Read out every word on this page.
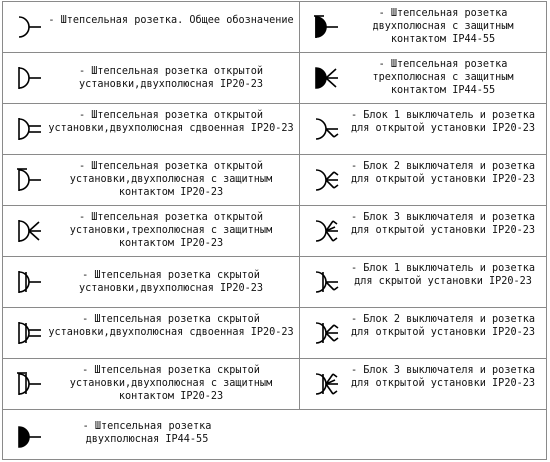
- Штепсельная розетка. Общее обозначение
- Штепсельная розетка открытой установки,двухполюсная IP20-23
- Штепсельная розетка открытой установки,двухполюсная сдвоенная IP20-23
- Штепсельная розетка открытой установки,двухполюсная с защитным контактом IP20-23
- Штепсельная розетка открытой установки,трехполюсная с защитным контактом IP20-23
- Штепсельная розетка скрытой установки,двухполюсная IP20-23
- Штепсельная розетка скрытой установки,двухполюсная сдвоенная IP20-23
- Штепсельная розетка скрытой установки,двухполюсная с защитным контактом IP20-23
- Штепсельная розетка двухполюсная с защитным контактом IP44-55
- Штепсельная розетка трехполюсная с защитным контактом IP44-55
- Блок 1 выключатель и розетка для открытой установки IP20-23
- Блок 2 выключателя и розетка для открытой установки IP20-23
- Блок 3 выключателя и розетка для открытой установки IP20-23
- Блок 1 выключатель и розетка для скрытой установки IP20-23
- Блок 2 выключателя и розетка для открытой установки IP20-23
- Блок 3 выключателя и розетка для открытой установки IP20-23
- Штепсельная розетка двухполюсная IP44-55
